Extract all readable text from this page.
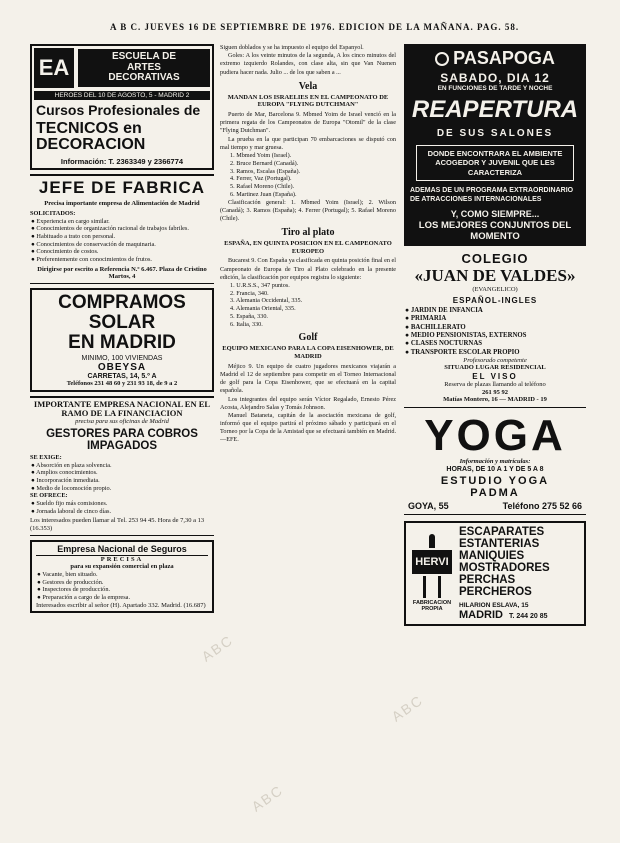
A B C. JUEVES 16 DE SEPTIEMBRE DE 1976. EDICION DE LA MAÑANA. PAG. 58.
EA	ESCUELA DE
ARTES
DECORATIVAS
HEROES DEL 10 DE AGOSTO, 5 - MADRID 2
Cursos Profesionales de
TECNICOS en DECORACION
Información: T. 2363349 y 2366774
JEFE DE FABRICA
Precisa importante empresa de Alimentación de Madrid
SOLICITADOS:
● Experiencia en cargo similar.
● Conocimientos de organización racional de trabajos fabriles.
● Habituado a trato con personal.
● Conocimientos de conservación de maquinaria.
● Conocimiento de costos.
● Preferentemente con conocimientos de frutos.
Dirigirse por escrito a Referencia N.º 6.467. Plaza de Cristino Martos, 4
COMPRAMOS
SOLAR
EN MADRID
MINIMO, 100 VIVIENDAS
OBEYSA
CARRETAS, 14, 5.º A
Teléfonos 231 48 60 y 231 93 18, de 9 a 2
IMPORTANTE EMPRESA NACIONAL EN EL RAMO DE LA FINANCIACION
precisa para sus oficinas de Madrid
GESTORES PARA COBROS IMPAGADOS
SE EXIGE:
● Absorción en plaza solvencia.
● Amplios conocimientos.
● Incorporación inmediata.
● Medio de locomoción propio.
SE OFRECE:
● Sueldo fijo más comisiones.
● Jornada laboral de cinco días.
Los interesados pueden llamar al Tel. 253 94 45. Hora de 7,30 a 13 (16.353)
Empresa Nacional de Seguros
PRECISA
para su expansión comercial en plaza
● Vacante, bien situado.
● Gestores de producción.
● Inspectores de producción.
● Preparación a cargo de la empresa.
Interesados escribir al señor (H). Apartado 332. Madrid. (16.687)
Siguen doblados y se ha impuesto el equipo del Espanyol.
Goles: A los veinte minutos de la segunda, A los cinco minutos del extremo izquierdo Rolandes, con clase alta, sin que Van Nuenen pudiera hacer nada. Julio ... de los que saben a ...
Vela
MANDAN LOS ISRAELIES EN EL CAMPEONATO DE EUROPA "FLYING DUTCHMAN"
Puerto de Mar, Barcelona 9. Mbmed Yoim de Israel venció en la primera regata de los Campeonatos de Europa "Otomil" de la clase "Flying Dutchman".
La prueba en la que participan 70 embarcaciones se disputó con mal tiempo y mar gruesa.
1. Mbmed Yoim (Israel).
2. Bruce Bernard (Canadá).
3. Ramos, Escalas (España).
4. Ferrer, Vaz (Portugal).
5. Rafael Moreno (Chile).
6. Martinez Juan (España).
Clasificación general: 1. Mbmed Yoim (Israel); 2. Wilson (Canadá); 3. Ramos (España); 4. Ferrer (Portugal); 5. Rafael Moreno (Chile).
Tiro al plato
ESPAÑA, EN QUINTA POSICION EN EL CAMPEONATO EUROPEO
Bucarest 9. Con España ya clasificada en quinta posición final en el Campeonato de Europa de Tiro al Plato celebrado en la presente edición, la clasificación por equipos registra lo siguiente:
1. U.R.S.S., 347 puntos.
2. Francia, 340.
3. Alemania Occidental, 335.
4. Alemania Oriental, 335.
5. España, 330.
6. Italia, 330.
Golf
EQUIPO MEXICANO PARA LA COPA EISENHOWER, DE MADRID
Méjico 9. Un equipo de cuatro jugadores mexicanos viajarán a Madrid el 12 de septiembre para competir en el Torneo Internacional de golf para la Copa Eisenhower, que se efectuará en la capital española.
Los integrantes del equipo serán Víctor Regalado, Ernesto Pérez Acosta, Alejandro Salas y Tomás Johnson.
Manuel Bataneta, capitán de la asociación mexicana de golf, informó que el equipo partirá el próximo sábado y participará en el Torneo por la Copa de la Amistad que se efectuará también en Madrid. —EFE.
PASAPOGA
SABADO, DIA 12
EN FUNCIONES DE TARDE Y NOCHE
REAPERTURA
DE SUS SALONES
DONDE ENCONTRARA EL AMBIENTE ACOGEDOR Y JUVENIL QUE LES CARACTERIZA
ADEMAS DE UN PROGRAMA EXTRAORDINARIO DE ATRACCIONES INTERNACIONALES
Y, COMO SIEMPRE...
LOS MEJORES CONJUNTOS DEL MOMENTO
COLEGIO
«JUAN DE VALDES»
(EVANGELICO)
ESPAÑOL-INGLES
● JARDIN DE INFANCIA
● PRIMARIA
● BACHILLERATO
● MEDIO PENSIONISTAS, EXTERNOS
● CLASES NOCTURNAS
● TRANSPORTE ESCOLAR PROPIO
Profesorado competente
SITUADO LUGAR RESIDENCIAL
EL VISO
Reserva de plazas llamando al teléfono
261 95 92
Matías Montero, 16 — MADRID - 19
YOGA
Información y matrículas:
HORAS, DE 10 A 1 Y DE 5 A 8
ESTUDIO YOGA
PADMA
GOYA, 55	Teléfono 275 52 66
HERVI
FABRICACION PROPIA
ESCAPARATES
ESTANTERIAS
MANIQUIES
MOSTRADORES
PERCHAS
PERCHEROS
HILARION ESLAVA, 15
MADRID T. 244 20 85
ABC
ABC
ABC
